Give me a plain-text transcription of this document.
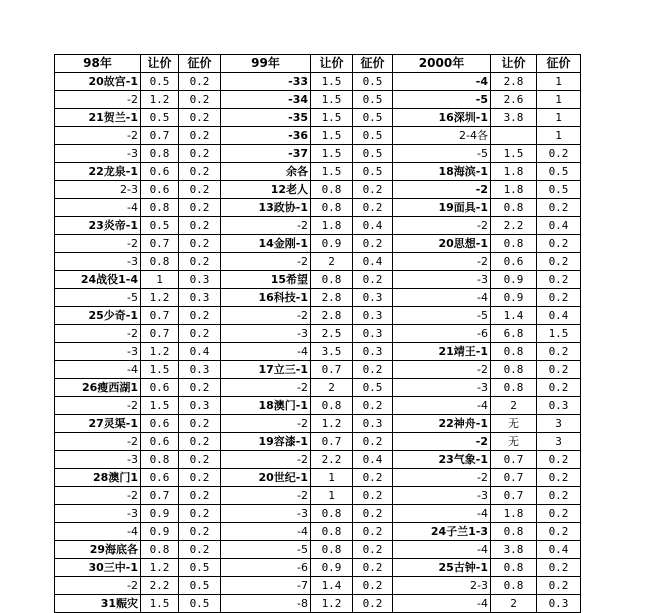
98年	让价	征价	99年	让价	征价	2000年	让价	征价
20故宫-1	0.5	0.2	-33	1.5	0.5	-4	2.8	1
-2	1.2	0.2	-34	1.5	0.5	-5	2.6	1
21贺兰-1	0.5	0.2	-35	1.5	0.5	16深圳-1	3.8	1
-2	0.7	0.2	-36	1.5	0.5	2-4各		1
-3	0.8	0.2	-37	1.5	0.5	-5	1.5	0.2
22龙泉-1	0.6	0.2	余各	1.5	0.5	18海滨-1	1.8	0.5
2-3	0.6	0.2	12老人	0.8	0.2	-2	1.8	0.5
-4	0.8	0.2	13政协-1	0.8	0.2	19面具-1	0.8	0.2
23炎帝-1	0.5	0.2	-2	1.8	0.4	-2	2.2	0.4
-2	0.7	0.2	14金刚-1	0.9	0.2	20思想-1	0.8	0.2
-3	0.8	0.2	-2	2	0.4	-2	0.6	0.2
24战役1-4	1	0.3	15希望	0.8	0.2	-3	0.9	0.2
-5	1.2	0.3	16科技-1	2.8	0.3	-4	0.9	0.2
25少奇-1	0.7	0.2	-2	2.8	0.3	-5	1.4	0.4
-2	0.7	0.2	-3	2.5	0.3	-6	6.8	1.5
-3	1.2	0.4	-4	3.5	0.3	21靖王-1	0.8	0.2
-4	1.5	0.3	17立三-1	0.7	0.2	-2	0.8	0.2
26瘦西湖1	0.6	0.2	-2	2	0.5	-3	0.8	0.2
-2	1.5	0.3	18澳门-1	0.8	0.2	-4	2	0.3
27灵渠-1	0.6	0.2	-2	1.2	0.3	22神舟-1	无	3
-2	0.6	0.2	19容漆-1	0.7	0.2	-2	无	3
-3	0.8	0.2	-2	2.2	0.4	23气象-1	0.7	0.2
28澳门1	0.6	0.2	20世纪-1	1	0.2	-2	0.7	0.2
-2	0.7	0.2	-2	1	0.2	-3	0.7	0.2
-3	0.9	0.2	-3	0.8	0.2	-4	1.8	0.2
-4	0.9	0.2	-4	0.8	0.2	24子兰1-3	0.8	0.2
29海底各	0.8	0.2	-5	0.8	0.2	-4	3.8	0.4
30三中-1	1.2	0.5	-6	0.9	0.2	25古钟-1	0.8	0.2
-2	2.2	0.5	-7	1.4	0.2	2-3	0.8	0.2
31赈灾	1.5	0.5	-8	1.2	0.2	-4	2	0.3
